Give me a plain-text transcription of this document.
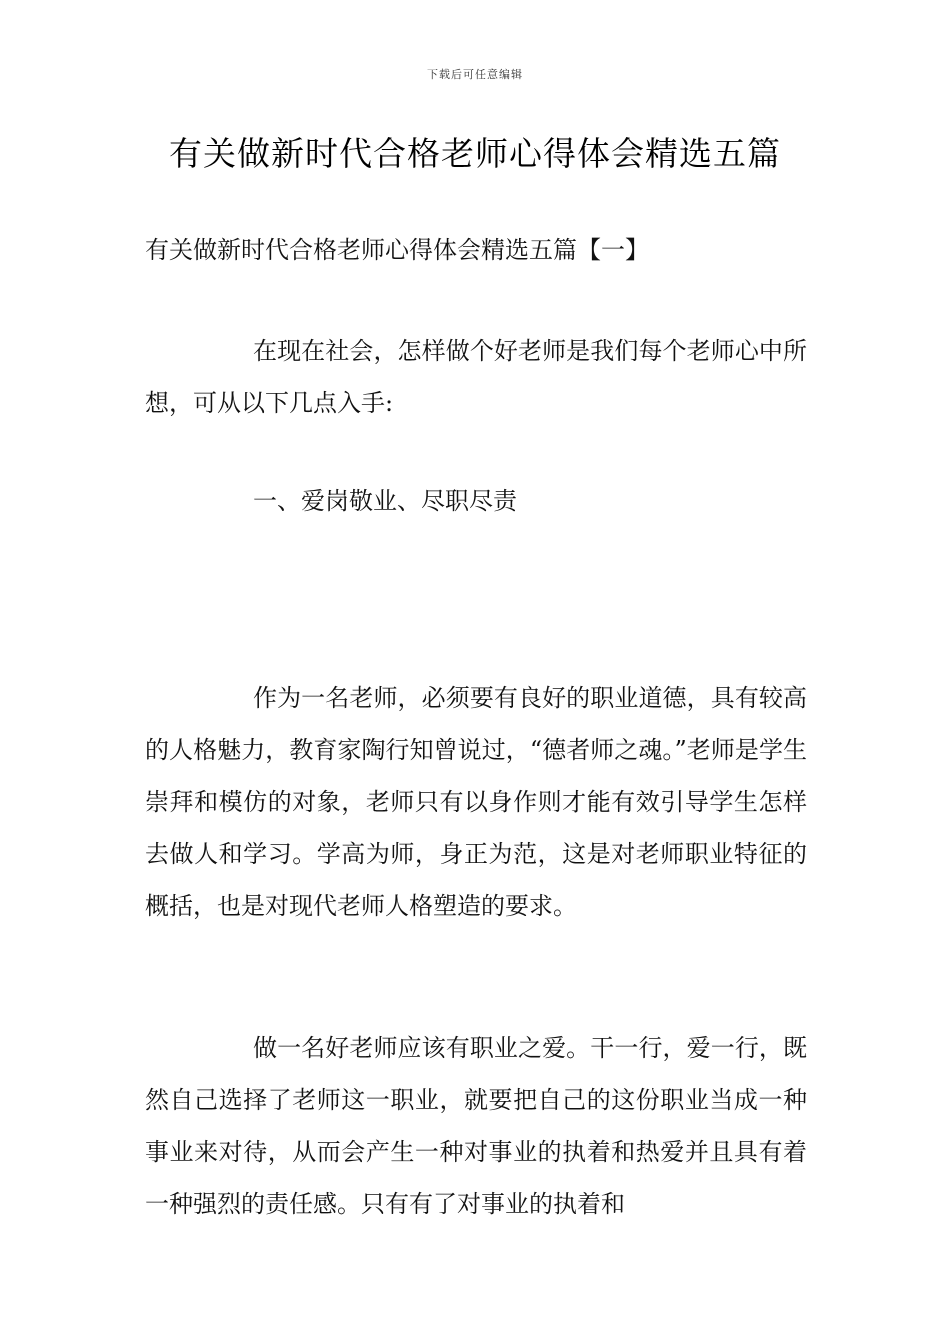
下载后可任意编辑
有关做新时代合格老师心得体会精选五篇
有关做新时代合格老师心得体会精选五篇【一】
在现在社会，怎样做个好老师是我们每个老师心中所想，可从以下几点入手:
一、爱岗敬业、尽职尽责
作为一名老师，必须要有良好的职业道德，具有较高的人格魅力，教育家陶行知曾说过，“德者师之魂。”老师是学生崇拜和模仿的对象，老师只有以身作则才能有效引导学生怎样去做人和学习。学高为师，身正为范，这是对老师职业特征的概括，也是对现代老师人格塑造的要求。
做一名好老师应该有职业之爱。干一行，爱一行，既然自己选择了老师这一职业，就要把自己的这份职业当成一种事业来对待，从而会产生一种对事业的执着和热爱并且具有着一种强烈的责任感。只有有了对事业的执着和
